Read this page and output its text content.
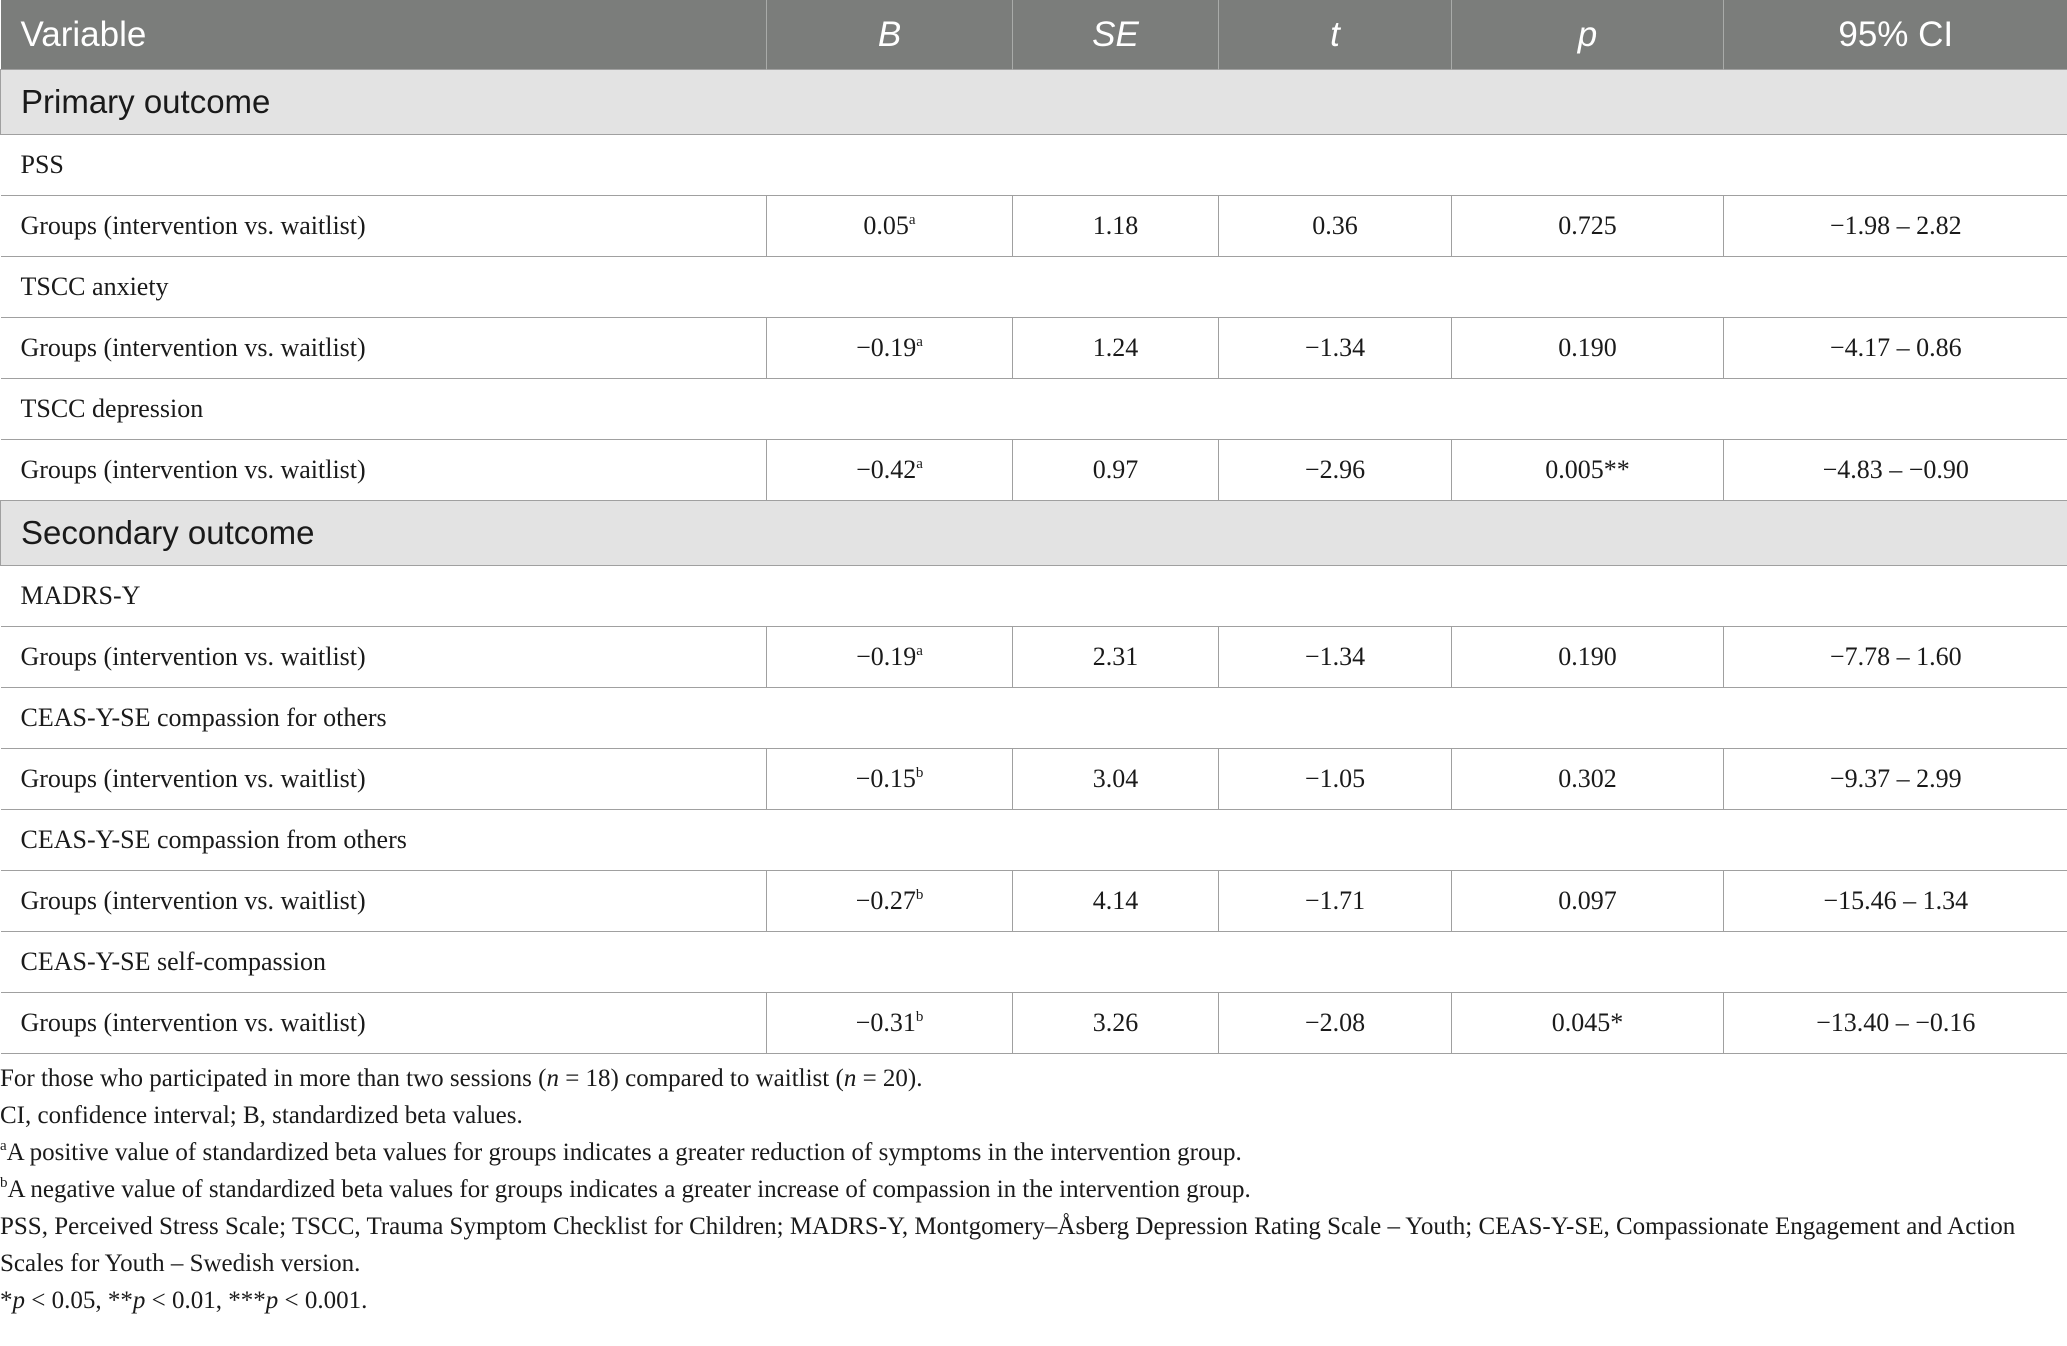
Variable	B	SE	t	p	95% CI
Primary outcome					
PSS					
Groups (intervention vs. waitlist)	0.05$^a$	1.18	0.36	0.725	−1.98 – 2.82
TSCC anxiety					
Groups (intervention vs. waitlist)	−0.19$^a$	1.24	−1.34	0.190	−4.17 – 0.86
TSCC depression					
Groups (intervention vs. waitlist)	−0.42$^a$	0.97	−2.96	0.005**	−4.83 – −0.90
Secondary outcome					
MADRS-Y					
Groups (intervention vs. waitlist)	−0.19$^a$	2.31	−1.34	0.190	−7.78 – 1.60
CEAS-Y-SE compassion for others					
Groups (intervention vs. waitlist)	−0.15$^b$	3.04	−1.05	0.302	−9.37 – 2.99
CEAS-Y-SE compassion from others					
Groups (intervention vs. waitlist)	−0.27$^b$	4.14	−1.71	0.097	−15.46 – 1.34
CEAS-Y-SE self-compassion					
Groups (intervention vs. waitlist)	−0.31$^b$	3.26	−2.08	0.045*	−13.40 – −0.16

For those who participated in more than two sessions (n = 18) compared to waitlist (n = 20).

CI, confidence interval; B, standardized beta values.

$^a$A positive value of standardized beta values for groups indicates a greater reduction of symptoms in the intervention group.

$^b$A negative value of standardized beta values for groups indicates a greater increase of compassion in the intervention group.

PSS, Perceived Stress Scale; TSCC, Trauma Symptom Checklist for Children; MADRS-Y, Montgomery–Åsberg Depression Rating Scale – Youth; CEAS-Y-SE, Compassionate Engagement and Action Scales for Youth – Swedish version.

*p < 0.05, **p < 0.01, ***p < 0.001.
